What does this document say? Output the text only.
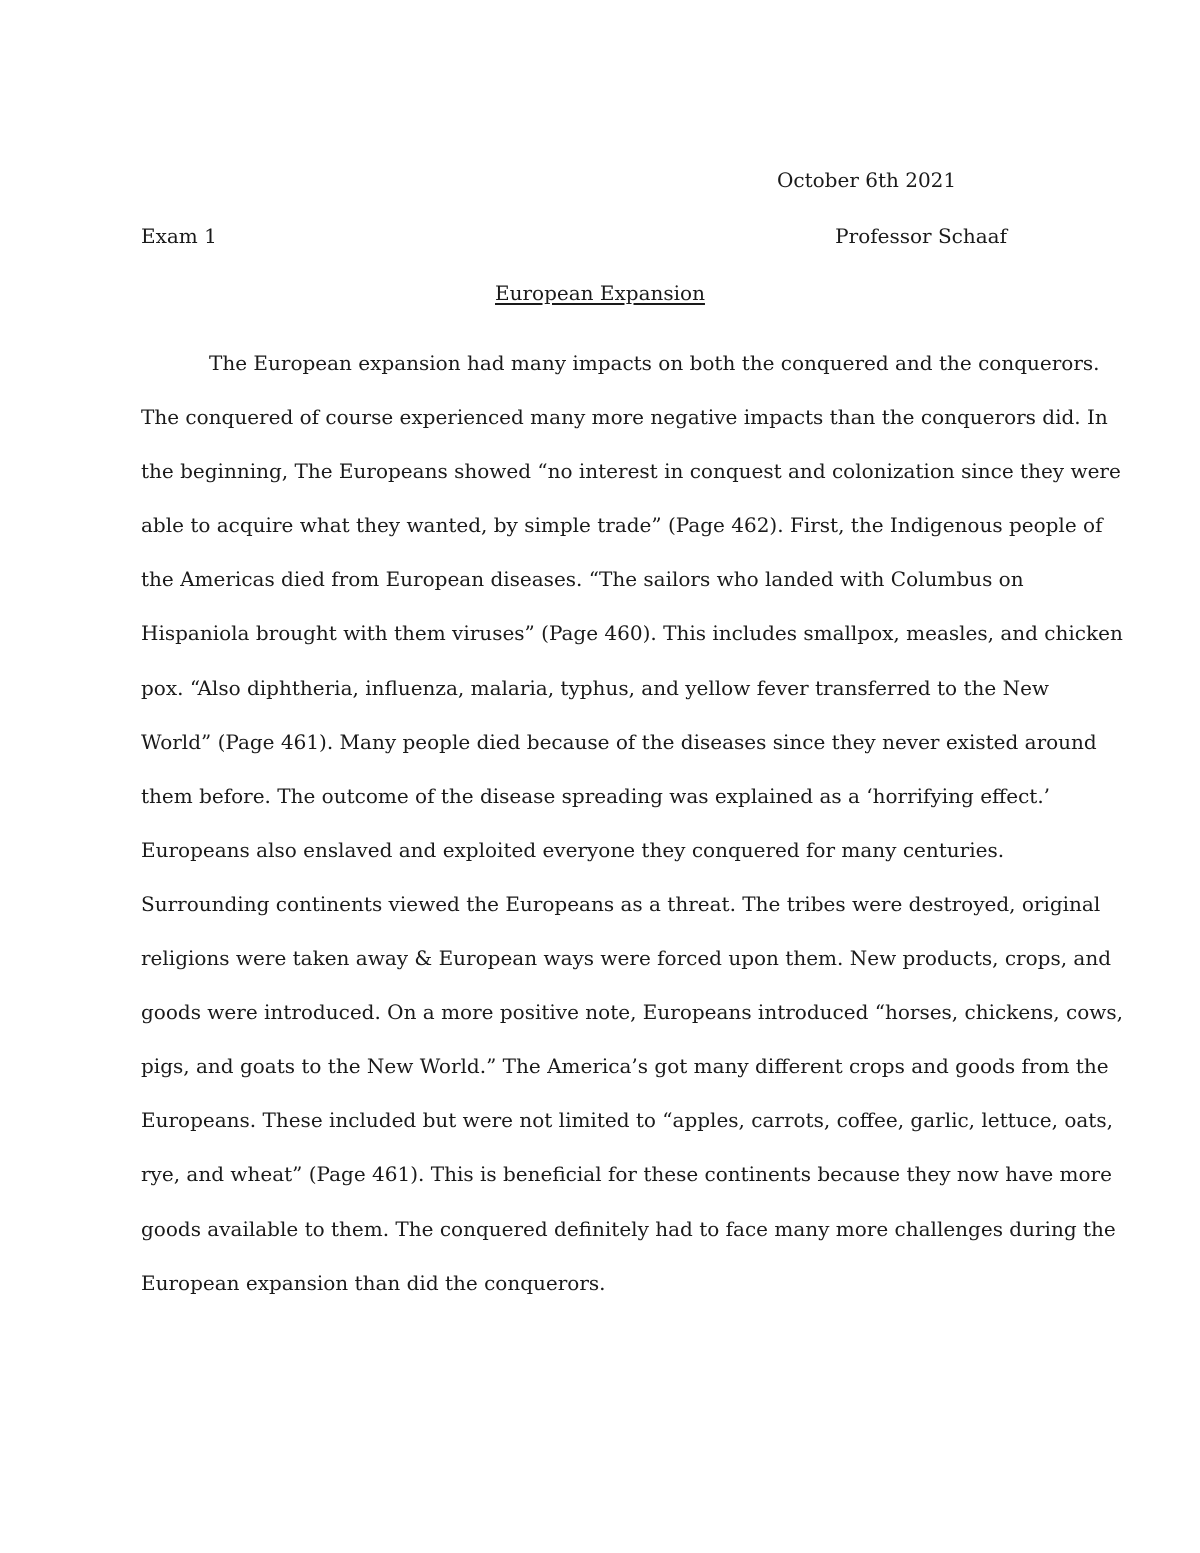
October 6th 2021
Exam 1	Professor Schaaf
European Expansion
The European expansion had many impacts on both the conquered and the conquerors.
The conquered of course experienced many more negative impacts than the conquerors did. In
the beginning, The Europeans showed “no interest in conquest and colonization since they were
able to acquire what they wanted, by simple trade” (Page 462). First, the Indigenous people of
the Americas died from European diseases. “The sailors who landed with Columbus on
Hispaniola brought with them viruses” (Page 460). This includes smallpox, measles, and chicken
pox. “Also diphtheria, influenza, malaria, typhus, and yellow fever transferred to the New
World” (Page 461). Many people died because of the diseases since they never existed around
them before. The outcome of the disease spreading was explained as a ‘horrifying effect.’
Europeans also enslaved and exploited everyone they conquered for many centuries.
Surrounding continents viewed the Europeans as a threat. The tribes were destroyed, original
religions were taken away & European ways were forced upon them. New products, crops, and
goods were introduced. On a more positive note, Europeans introduced “horses, chickens, cows,
pigs, and goats to the New World.” The America’s got many different crops and goods from the
Europeans. These included but were not limited to “apples, carrots, coffee, garlic, lettuce, oats,
rye, and wheat” (Page 461). This is beneficial for these continents because they now have more
goods available to them. The conquered definitely had to face many more challenges during the
European expansion than did the conquerors.
